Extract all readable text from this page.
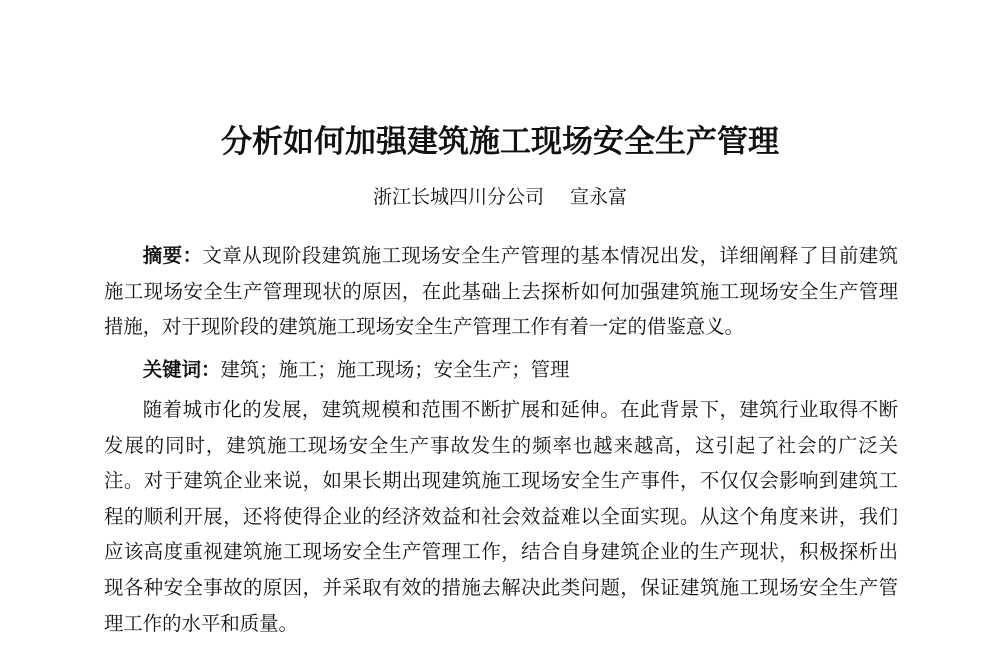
分析如何加强建筑施工现场安全生产管理
浙江长城四川分公司 宣永富

摘要：文章从现阶段建筑施工现场安全生产管理的基本情况出发，详细阐释了目前建筑施工现场安全生产管理现状的原因，在此基础上去探析如何加强建筑施工现场安全生产管理措施，对于现阶段的建筑施工现场安全生产管理工作有着一定的借鉴意义。

关键词：建筑；施工；施工现场；安全生产；管理

随着城市化的发展，建筑规模和范围不断扩展和延伸。在此背景下，建筑行业取得不断发展的同时，建筑施工现场安全生产事故发生的频率也越来越高，这引起了社会的广泛关注。对于建筑企业来说，如果长期出现建筑施工现场安全生产事件，不仅仅会影响到建筑工程的顺利开展，还将使得企业的经济效益和社会效益难以全面实现。从这个角度来讲，我们应该高度重视建筑施工现场安全生产管理工作，结合自身建筑企业的生产现状，积极探析出现各种安全事故的原因，并采取有效的措施去解决此类问题，保证建筑施工现场安全生产管理工作的水平和质量。
